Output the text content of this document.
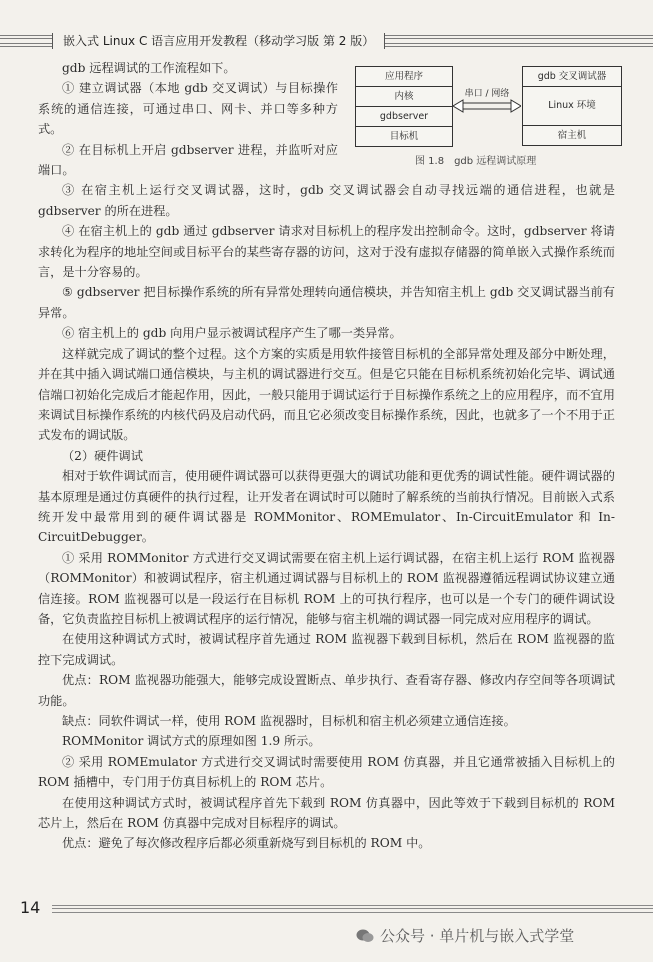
嵌入式 Linux C 语言应用开发教程（移动学习版 第 2 版）
应用程序
内核
gdbserver
目标机
串口 / 网络
gdb 交叉调试器
Linux 环境
宿主机
图 1.8　gdb 远程调试原理

gdb 远程调试的工作流程如下。

① 建立调试器（本地 gdb 交叉调试）与目标操作系统的通信连接，可通过串口、网卡、并口等多种方式。

② 在目标机上开启 gdbserver 进程，并监听对应端口。

③ 在宿主机上运行交叉调试器，这时，gdb 交叉调试器会自动寻找远端的通信进程，也就是 gdbserver 的所在进程。

④ 在宿主机上的 gdb 通过 gdbserver 请求对目标机上的程序发出控制命令。这时，gdbserver 将请求转化为程序的地址空间或目标平台的某些寄存器的访问，这对于没有虚拟存储器的简单嵌入式操作系统而言，是十分容易的。

⑤ gdbserver 把目标操作系统的所有异常处理转向通信模块，并告知宿主机上 gdb 交叉调试器当前有异常。

⑥ 宿主机上的 gdb 向用户显示被调试程序产生了哪一类异常。

这样就完成了调试的整个过程。这个方案的实质是用软件接管目标机的全部异常处理及部分中断处理，并在其中插入调试端口通信模块，与主机的调试器进行交互。但是它只能在目标机系统初始化完毕、调试通信端口初始化完成后才能起作用，因此，一般只能用于调试运行于目标操作系统之上的应用程序，而不宜用来调试目标操作系统的内核代码及启动代码，而且它必须改变目标操作系统，因此，也就多了一个不用于正式发布的调试版。

（2）硬件调试

相对于软件调试而言，使用硬件调试器可以获得更强大的调试功能和更优秀的调试性能。硬件调试器的基本原理是通过仿真硬件的执行过程，让开发者在调试时可以随时了解系统的当前执行情况。目前嵌入式系统开发中最常用到的硬件调试器是 ROMMonitor、ROMEmulator、In-CircuitEmulator 和 In-CircuitDebugger。

① 采用 ROMMonitor 方式进行交叉调试需要在宿主机上运行调试器，在宿主机上运行 ROM 监视器（ROMMonitor）和被调试程序，宿主机通过调试器与目标机上的 ROM 监视器遵循远程调试协议建立通信连接。ROM 监视器可以是一段运行在目标机 ROM 上的可执行程序，也可以是一个专门的硬件调试设备，它负责监控目标机上被调试程序的运行情况，能够与宿主机端的调试器一同完成对应用程序的调试。

在使用这种调试方式时，被调试程序首先通过 ROM 监视器下载到目标机，然后在 ROM 监视器的监控下完成调试。

优点：ROM 监视器功能强大，能够完成设置断点、单步执行、查看寄存器、修改内存空间等各项调试功能。

缺点：同软件调试一样，使用 ROM 监视器时，目标机和宿主机必须建立通信连接。

ROMMonitor 调试方式的原理如图 1.9 所示。

② 采用 ROMEmulator 方式进行交叉调试时需要使用 ROM 仿真器，并且它通常被插入目标机上的 ROM 插槽中，专门用于仿真目标机上的 ROM 芯片。

在使用这种调试方式时，被调试程序首先下载到 ROM 仿真器中，因此等效于下载到目标机的 ROM 芯片上，然后在 ROM 仿真器中完成对目标程序的调试。

优点：避免了每次修改程序后都必须重新烧写到目标机的 ROM 中。

14
公众号 · 单片机与嵌入式学堂
